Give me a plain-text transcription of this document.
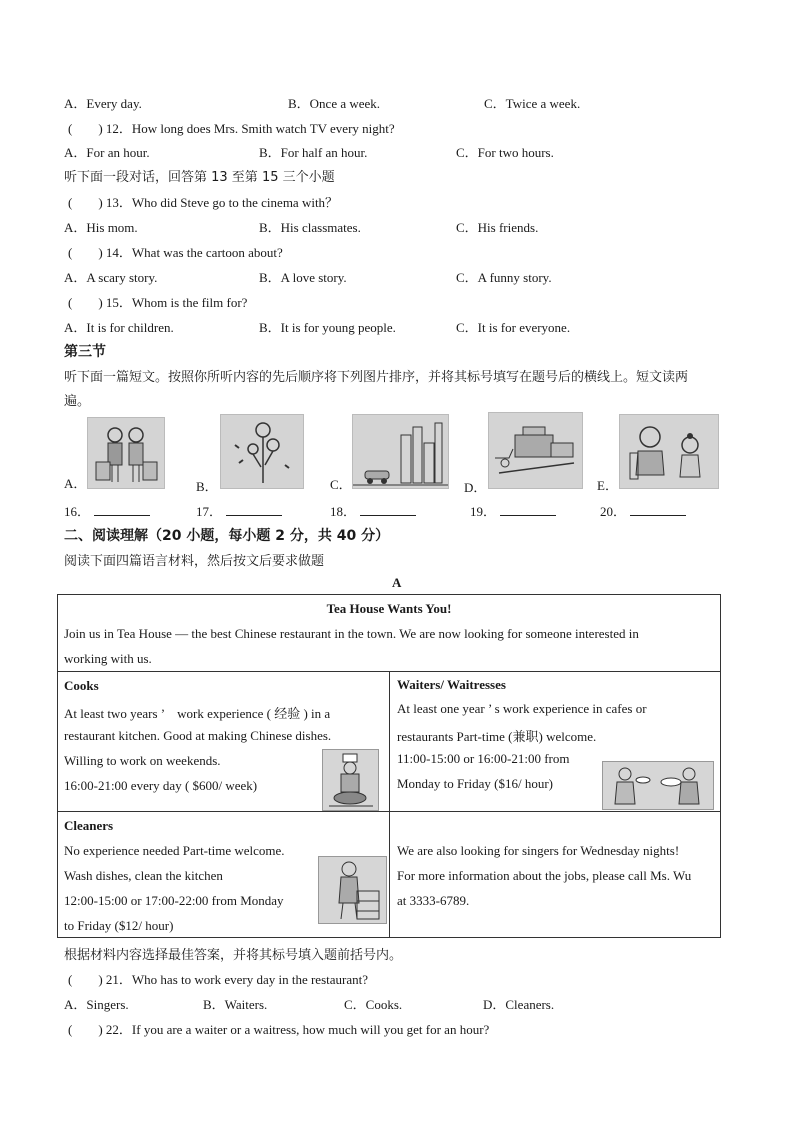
A．Every day.	B．Once a week.	C．Twice a week.
(　　) 12．How long does Mrs. Smith watch TV every night?
A．For an hour.	B．For half an hour.	C．For two hours.
听下面一段对话，回答第 13 至第 15 三个小题
(　　) 13．Who did Steve go to the cinema with？
A．His mom.	B．His classmates.	C．His friends.
(　　) 14．What was the cartoon about?
A．A scary story.	B．A love story.	C．A funny story.
(　　) 15．Whom is the film for?
A．It is for children.	B．It is for young people.	C．It is for everyone.
第三节
听下面一篇短文。按照你所听内容的先后顺序将下列图片排序，并将其标号填写在题号后的横线上。短文读两
遍。
A．	B．	C．	D．	E．
16．	17．	18．	19．	20．
二、阅读理解（20 小题，每小题 2 分，共 40 分）
阅读下面四篇语言材料，然后按文后要求做题
A
Tea House Wants You!
Join us in Tea House — the best Chinese restaurant in the town. We are now looking for someone interested in
working with us.
Cooks
At least two years ’　work experience ( 经验 ) in a
restaurant kitchen. Good at making Chinese dishes.
Willing to work on weekends.
16:00-21:00 every day ( $600/ week)
Waiters/ Waitresses
At least one year ’ s work experience in cafes or
restaurants Part-time (兼职) welcome.
11:00-15:00 or 16:00-21:00 from
Monday to Friday ($16/ hour)
Cleaners
No experience needed Part-time welcome.
Wash dishes, clean the kitchen
12:00-15:00 or 17:00-22:00 from Monday
to Friday ($12/ hour)
We are also looking for singers for Wednesday nights!
For more information about the jobs, please call Ms. Wu
at 3333-6789.
根据材料内容选择最佳答案，并将其标号填入题前括号内。
(　　) 21．Who has to work every day in the restaurant?
A．Singers.	B．Waiters.	C．Cooks.	D．Cleaners.
(　　) 22．If you are a waiter or a waitress, how much will you get for an hour?
